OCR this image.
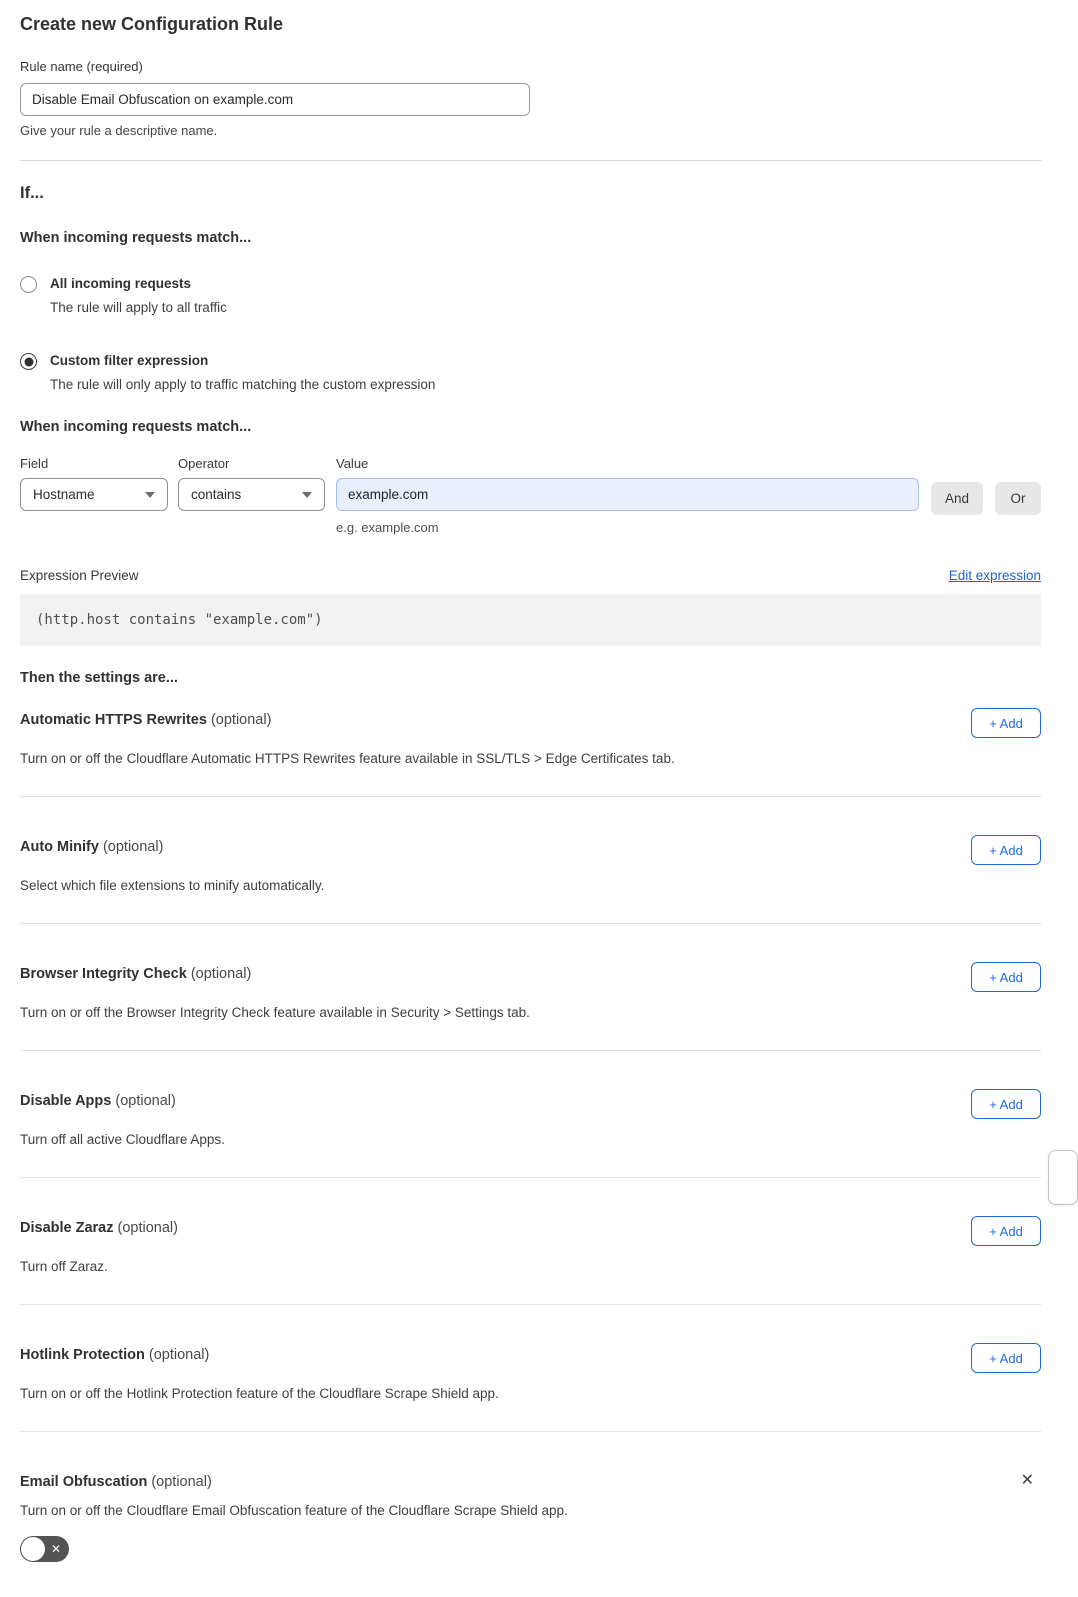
Create new Configuration Rule
Rule name (required)
Disable Email Obfuscation on example.com
Give your rule a descriptive name.
If...
When incoming requests match...
All incoming requests
The rule will apply to all traffic
Custom filter expression
The rule will only apply to traffic matching the custom expression
When incoming requests match...
Field
Hostname
Operator
contains
Value
example.com
e.g. example.com
And	Or
Expression Preview	Edit expression
(http.host contains "example.com")
Then the settings are...
Automatic HTTPS Rewrites (optional)	+ Add
Turn on or off the Cloudflare Automatic HTTPS Rewrites feature available in SSL/TLS > Edge Certificates tab.
Auto Minify (optional)	+ Add
Select which file extensions to minify automatically.
Browser Integrity Check (optional)	+ Add
Turn on or off the Browser Integrity Check feature available in Security > Settings tab.
Disable Apps (optional)	+ Add
Turn off all active Cloudflare Apps.
Disable Zaraz (optional)	+ Add
Turn off Zaraz.
Hotlink Protection (optional)	+ Add
Turn on or off the Hotlink Protection feature of the Cloudflare Scrape Shield app.
Email Obfuscation (optional)	✕
Turn on or off the Cloudflare Email Obfuscation feature of the Cloudflare Scrape Shield app.
✕
